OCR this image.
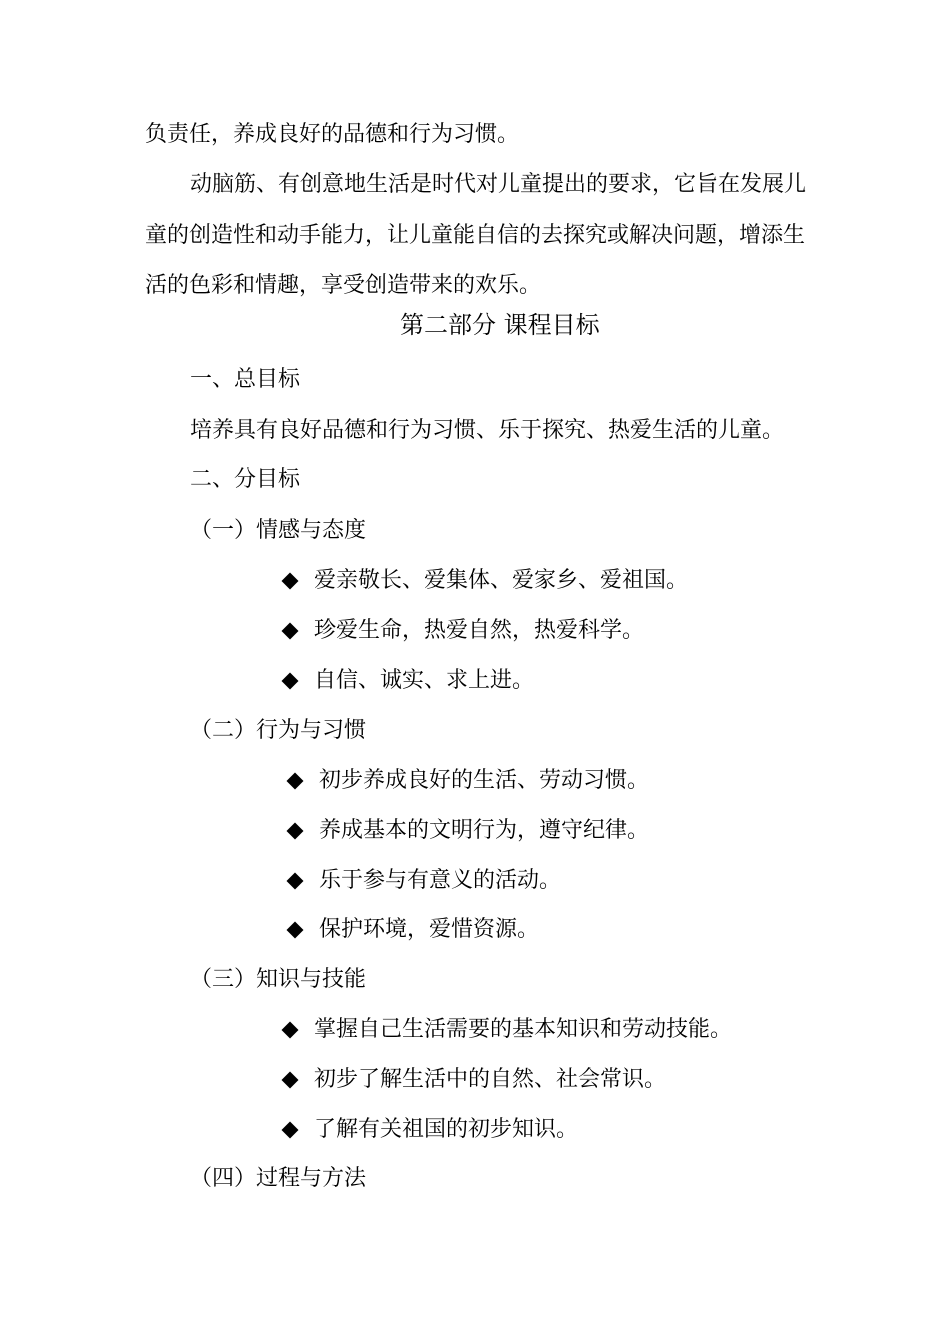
负责任，养成良好的品德和行为习惯。
动脑筋、有创意地生活是时代对儿童提出的要求，它旨在发展儿
童的创造性和动手能力，让儿童能自信的去探究或解决问题，增添生
活的色彩和情趣，享受创造带来的欢乐。
第二部分 课程目标
一、总目标
培养具有良好品德和行为习惯、乐于探究、热爱生活的儿童。
二、分目标
（一）情感与态度
爱亲敬长、爱集体、爱家乡、爱祖国。
珍爱生命，热爱自然，热爱科学。
自信、诚实、求上进。
（二）行为与习惯
初步养成良好的生活、劳动习惯。
养成基本的文明行为，遵守纪律。
乐于参与有意义的活动。
保护环境，爱惜资源。
（三）知识与技能
掌握自己生活需要的基本知识和劳动技能。
初步了解生活中的自然、社会常识。
了解有关祖国的初步知识。
（四）过程与方法
